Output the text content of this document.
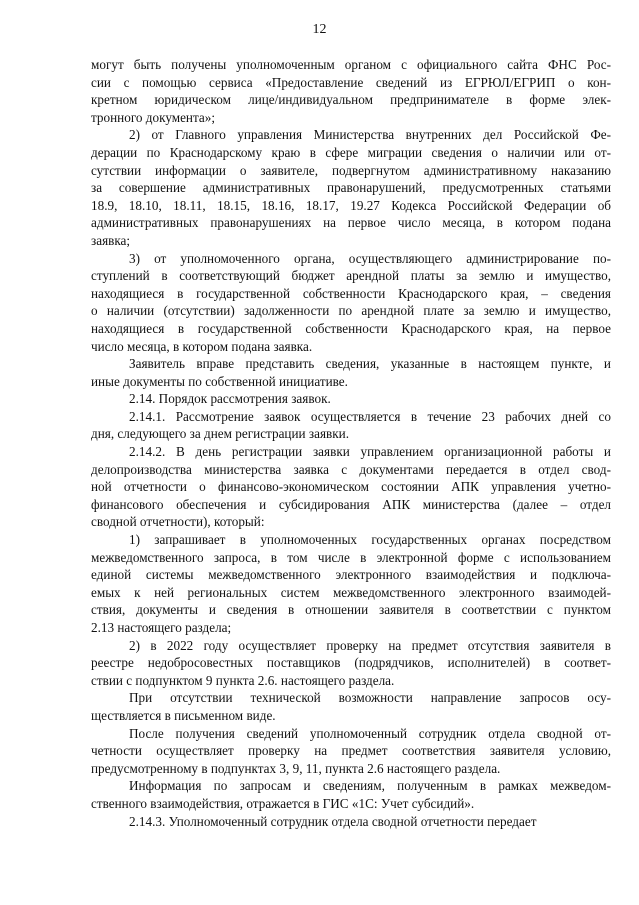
12
могут быть получены уполномоченным органом с официального сайта ФНС Рос-
сии с помощью сервиса «Предоставление сведений из ЕГРЮЛ/ЕГРИП о кон-
кретном юридическом лице/индивидуальном предпринимателе в форме элек-
тронного документа»;
2) от Главного управления Министерства внутренних дел Российской Фе-
дерации по Краснодарскому краю в сфере миграции сведения о наличии или от-
сутствии информации о заявителе, подвергнутом административному наказанию
за совершение административных правонарушений, предусмотренных статьями
18.9, 18.10, 18.11, 18.15, 18.16, 18.17, 19.27 Кодекса Российской Федерации об
административных правонарушениях на первое число месяца, в котором подана
заявка;
3) от уполномоченного органа, осуществляющего администрирование по-
ступлений в соответствующий бюджет арендной платы за землю и имущество,
находящиеся в государственной собственности Краснодарского края, – сведения
о наличии (отсутствии) задолженности по арендной плате за землю и имущество,
находящиеся в государственной собственности Краснодарского края, на первое
число месяца, в котором подана заявка.
Заявитель вправе представить сведения, указанные в настоящем пункте, и
иные документы по собственной инициативе.
2.14. Порядок рассмотрения заявок.
2.14.1. Рассмотрение заявок осуществляется в течение 23 рабочих дней со
дня, следующего за днем регистрации заявки.
2.14.2. В день регистрации заявки управлением организационной работы и
делопроизводства министерства заявка с документами передается в отдел свод-
ной отчетности о финансово-экономическом состоянии АПК управления учетно-
финансового обеспечения и субсидирования АПК министерства (далее – отдел
сводной отчетности), который:
1) запрашивает в уполномоченных государственных органах посредством
межведомственного запроса, в том числе в электронной форме с использованием
единой системы межведомственного электронного взаимодействия и подключа-
емых к ней региональных систем межведомственного электронного взаимодей-
ствия, документы и сведения в отношении заявителя в соответствии с пунктом
2.13 настоящего раздела;
2) в 2022 году осуществляет проверку на предмет отсутствия заявителя в
реестре недобросовестных поставщиков (подрядчиков, исполнителей) в соответ-
ствии с подпунктом 9 пункта 2.6. настоящего раздела.
При отсутствии технической возможности направление запросов осу-
ществляется в письменном виде.
После получения сведений уполномоченный сотрудник отдела сводной от-
четности осуществляет проверку на предмет соответствия заявителя условию,
предусмотренному в подпунктах 3, 9, 11, пункта 2.6 настоящего раздела.
Информация по запросам и сведениям, полученным в рамках межведом-
ственного взаимодействия, отражается в ГИС «1С: Учет субсидий».
2.14.3. Уполномоченный сотрудник отдела сводной отчетности передает
